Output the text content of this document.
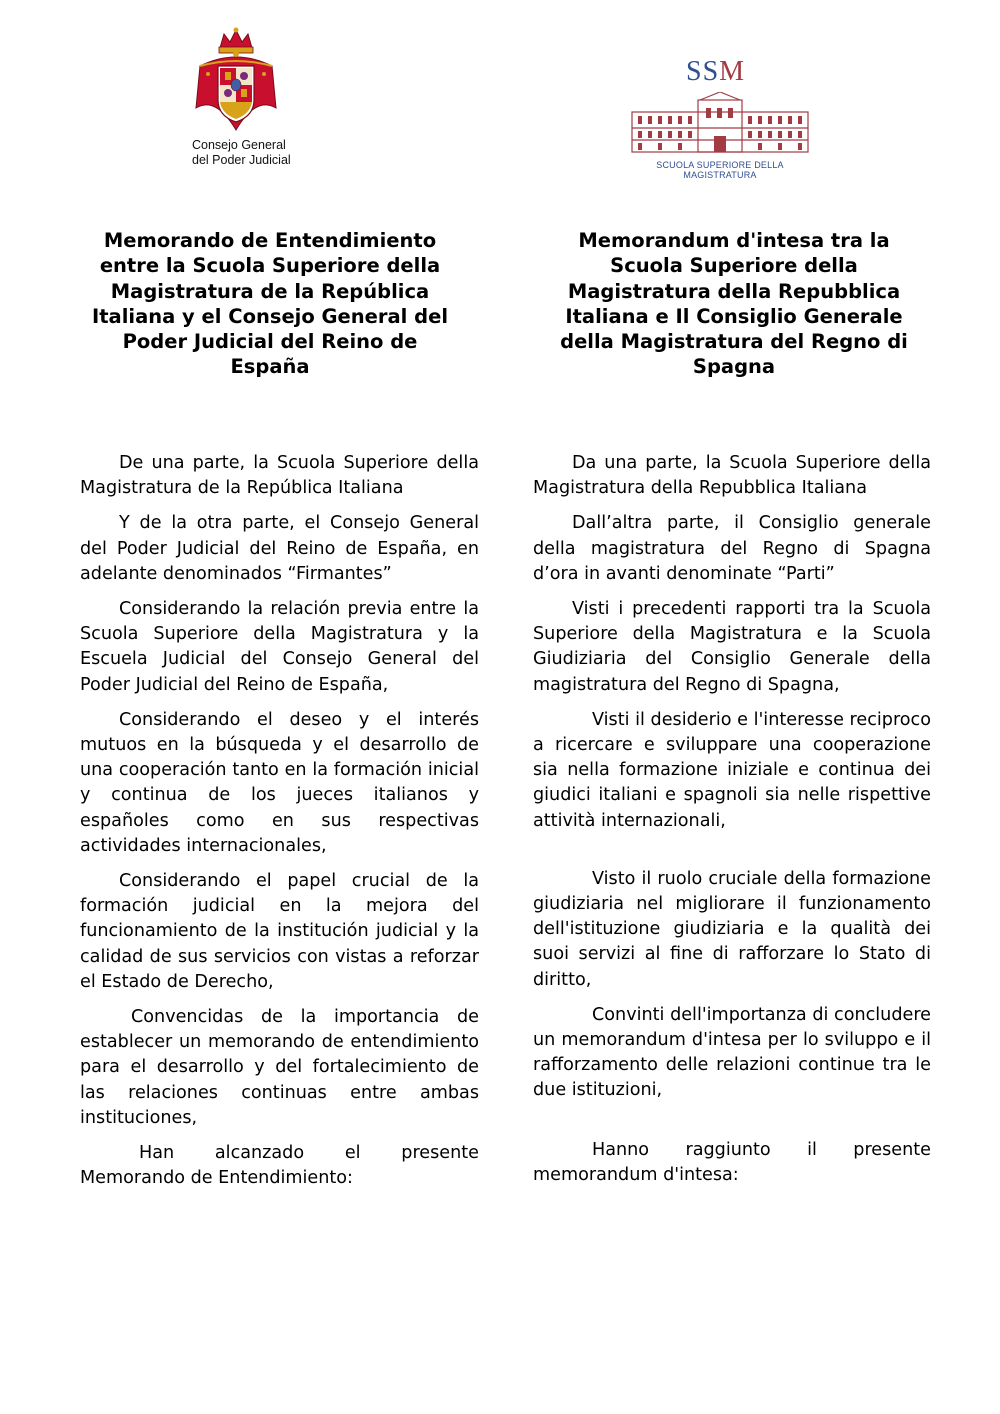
Consejo General
del Poder Judicial
SSM
SCUOLA SUPERIORE DELLA MAGISTRATURA
Memorando de Entendimiento entre la Scuola Superiore della Magistratura de la República Italiana y el Consejo General del Poder Judicial del Reino de España
Memorandum d'intesa tra la Scuola Superiore della Magistratura della Repubblica Italiana e Il Consiglio Generale della Magistratura del Regno di Spagna

De una parte, la Scuola Superiore della Magistratura de la República Italiana

Y de la otra parte, el Consejo General del Poder Judicial del Reino de España, en adelante denominados “Firmantes”

Considerando la relación previa entre la Scuola Superiore della Magistratura y la Escuela Judicial del Consejo General del Poder Judicial del Reino de España,

Considerando el deseo y el interés mutuos en la búsqueda y el desarrollo de una cooperación tanto en la formación inicial y continua de los jueces italianos y españoles como en sus respectivas actividades internacionales,

Considerando el papel crucial de la formación judicial en la mejora del funcionamiento de la institución judicial y la calidad de sus servicios con vistas a reforzar el Estado de Derecho,

Convencidas de la importancia de establecer un memorando de entendimiento para el desarrollo y del fortalecimiento de las relaciones continuas entre ambas instituciones,

Han alcanzado el presente Memorando de Entendimiento:

Da una parte, la Scuola Superiore della Magistratura della Repubblica Italiana

Dall’altra parte, il Consiglio generale della magistratura del Regno di Spagna d’ora in avanti denominate “Parti”

Visti i precedenti rapporti tra la Scuola Superiore della Magistratura e la Scuola Giudiziaria del Consiglio Generale della magistratura del Regno di Spagna,

Visti il desiderio e l'interesse reciproco a ricercare e sviluppare una cooperazione sia nella formazione iniziale e continua dei giudici italiani e spagnoli sia nelle rispettive attività internazionali,

Visto il ruolo cruciale della formazione giudiziaria nel migliorare il funzionamento dell'istituzione giudiziaria e la qualità dei suoi servizi al fine di rafforzare lo Stato di diritto,

Convinti dell'importanza di concludere un memorandum d'intesa per lo sviluppo e il rafforzamento delle relazioni continue tra le due istituzioni,

Hanno raggiunto il presente memorandum d'intesa:
